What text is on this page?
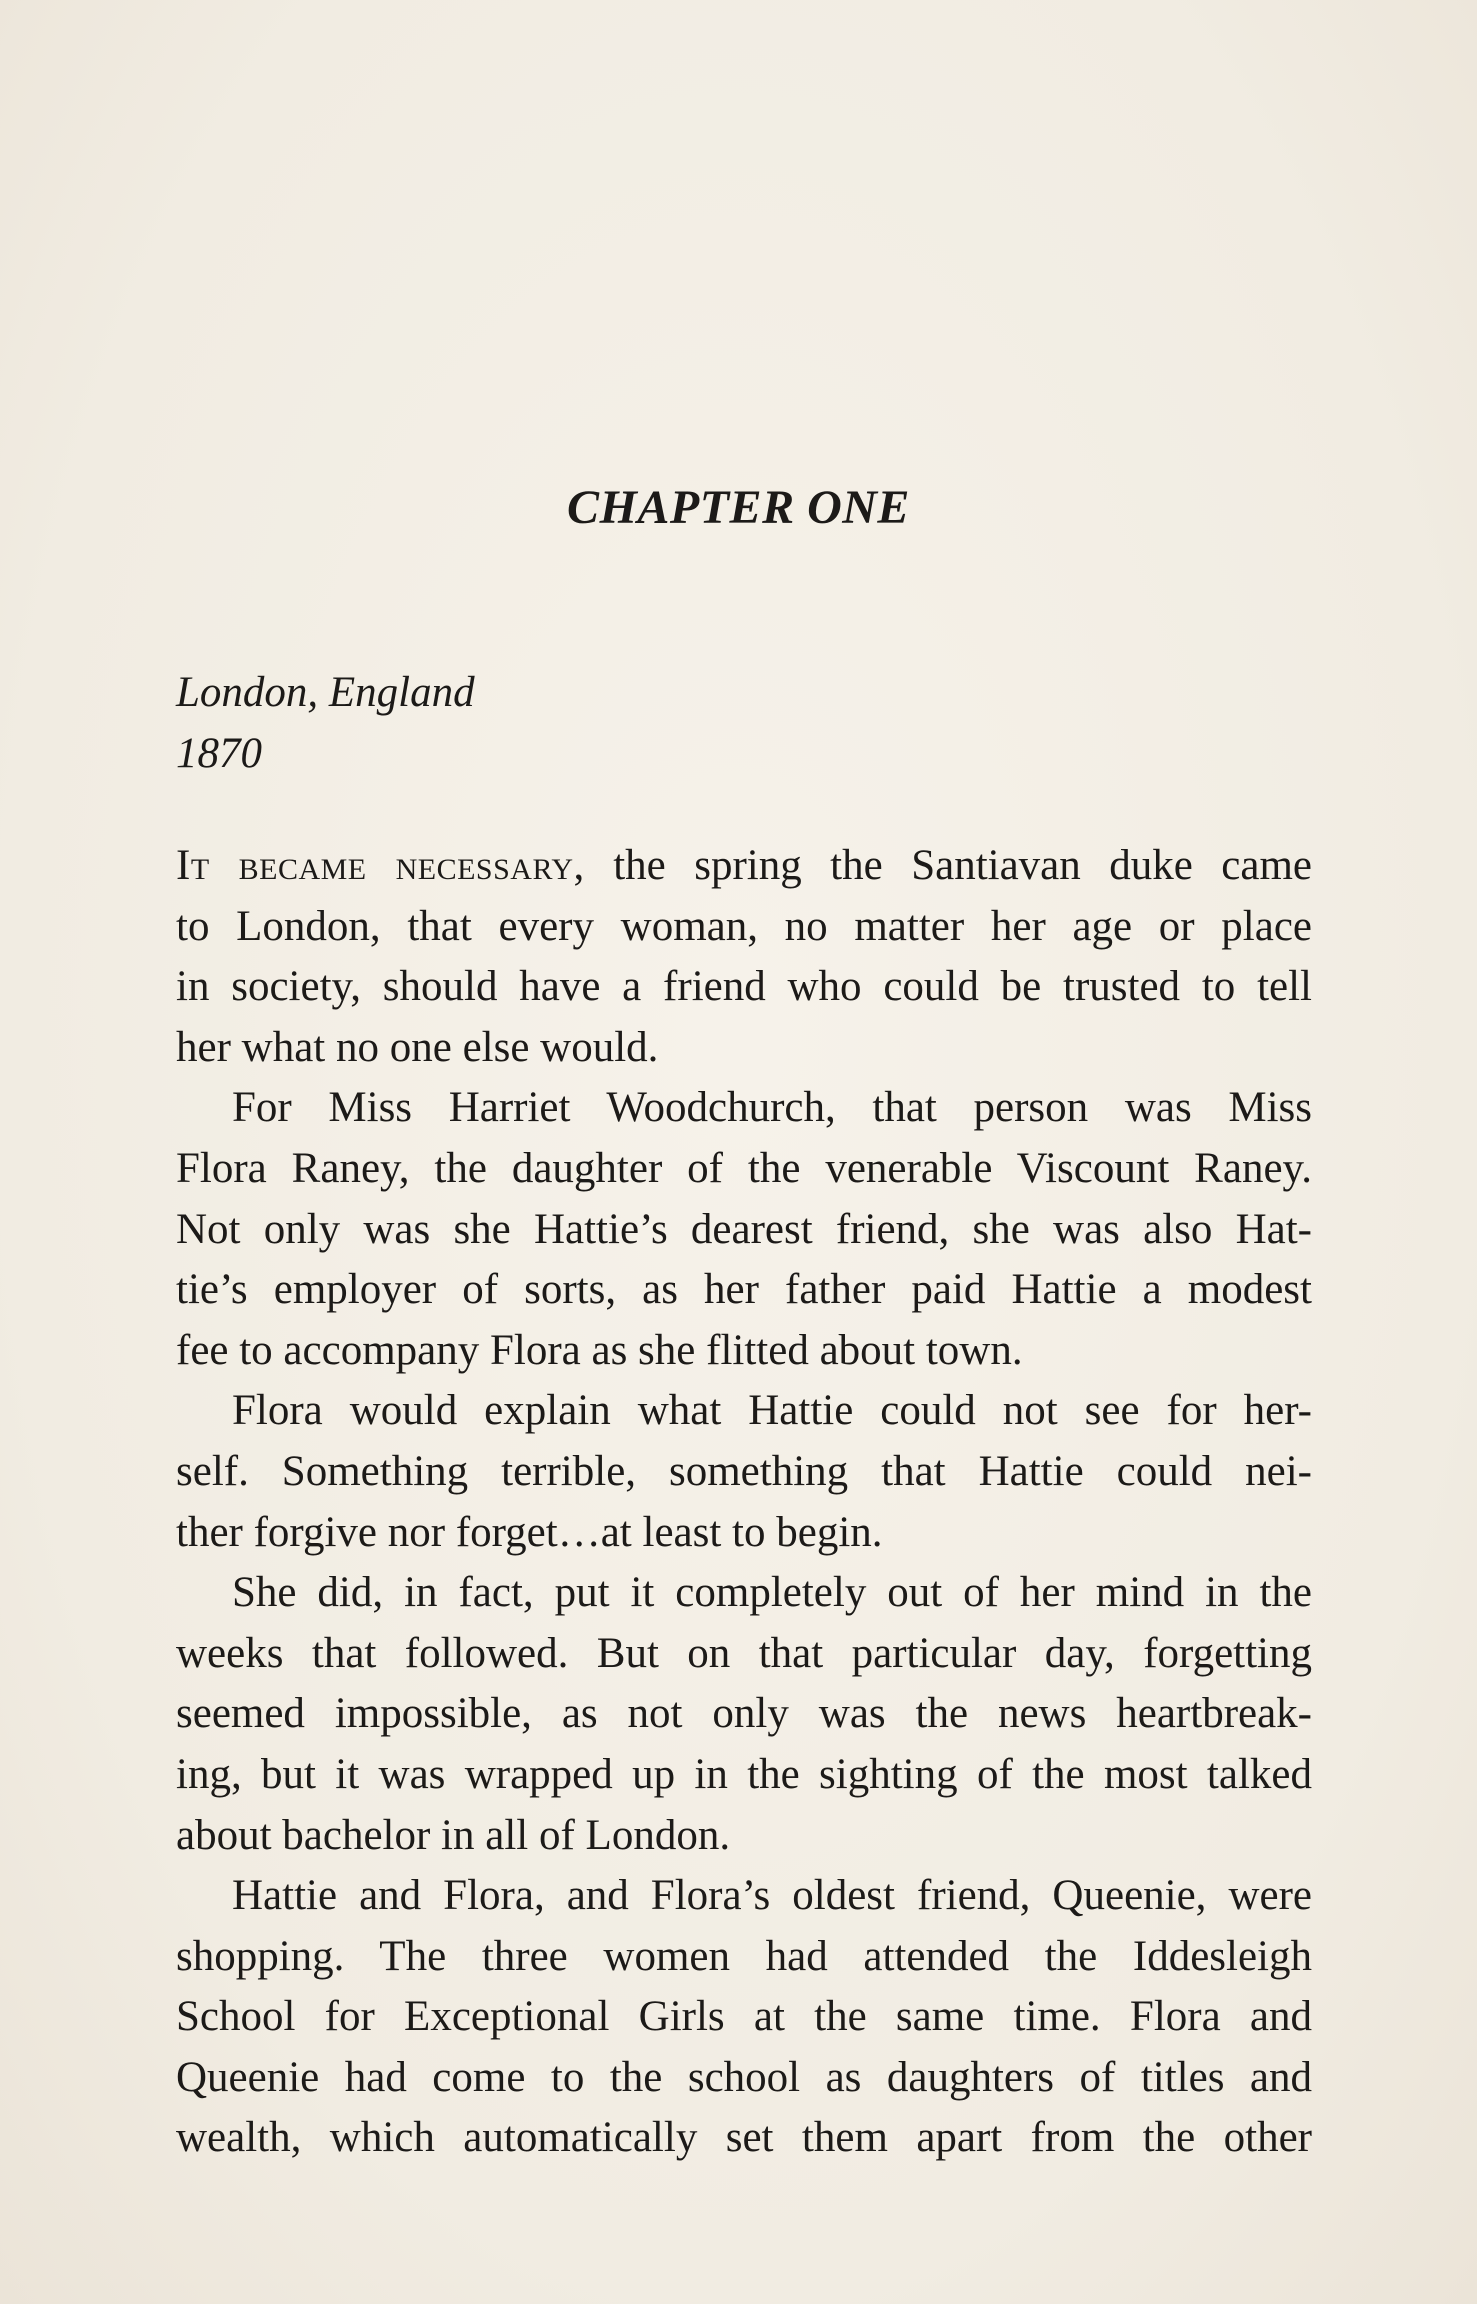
CHAPTER ONE
London, England
1870
It became necessary, the spring the Santiavan duke came
to London, that every woman, no matter her age or place
in society, should have a friend who could be trusted to tell
her what no one else would.
For Miss Harriet Woodchurch, that person was Miss
Flora Raney, the daughter of the venerable Viscount Raney.
Not only was she Hattie’s dearest friend, she was also Hat-
tie’s employer of sorts, as her father paid Hattie a modest
fee to accompany Flora as she flitted about town.
Flora would explain what Hattie could not see for her-
self. Something terrible, something that Hattie could nei-
ther forgive nor forget…at least to begin.
She did, in fact, put it completely out of her mind in the
weeks that followed. But on that particular day, forgetting
seemed impossible, as not only was the news heartbreak-
ing, but it was wrapped up in the sighting of the most talked
about bachelor in all of London.
Hattie and Flora, and Flora’s oldest friend, Queenie, were
shopping. The three women had attended the Iddesleigh
School for Exceptional Girls at the same time. Flora and
Queenie had come to the school as daughters of titles and
wealth, which automatically set them apart from the other
